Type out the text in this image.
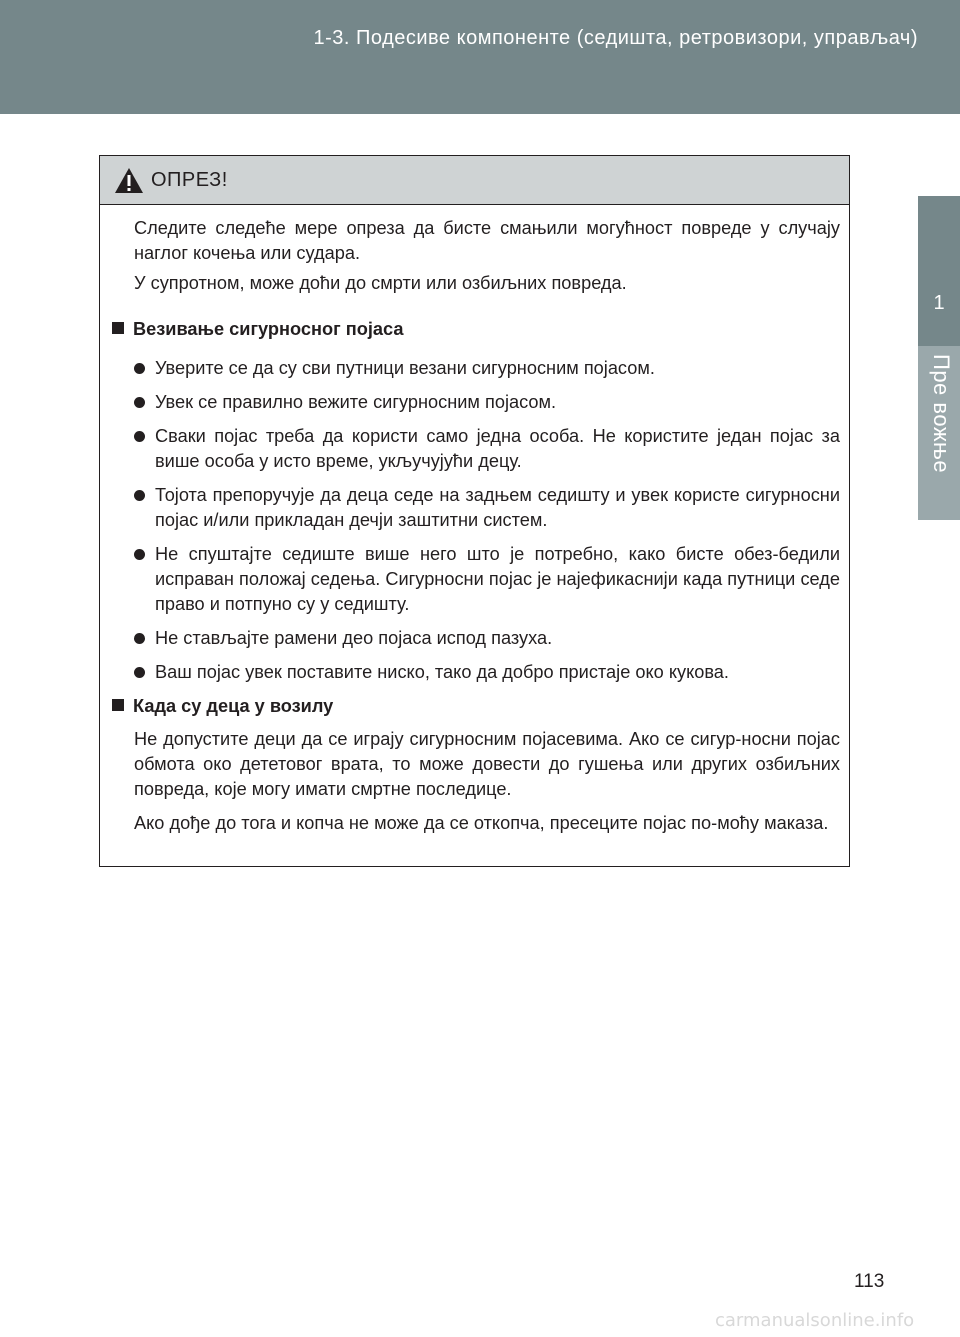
1-3. Подесиве компоненте (седишта, ретровизори, управљач)
1
Пре вожње
ОПРЕЗ!
Следите следеће мере опреза да бисте смањили могућност повреде у случају наглог кочења или судара.
У супротном, може доћи до смрти или озбиљних повреда.
Везивање сигурносног појаса
Уверите се да су сви путници везани сигурносним појасом.
Увек се правилно вежите сигурносним појасом.
Сваки појас треба да користи само једна особа. Не користите један појас за више особа у исто време, укључујући децу.
Тојота препоручује да деца седе на задњем седишту и увек користе сигурносни појас и/или прикладан дечји заштитни систем.
Не спуштајте седиште више него што је потребно, како бисте обез-бедили исправан положај седења. Сигурносни појас је најефикаснији када путници седе право и потпуно су у седишту.
Не стављајте рамени део појаса испод пазуха.
Ваш појас увек поставите ниско, тако да добро пристаје око кукова.
Када су деца у возилу
Не допустите деци да се играју сигурносним појасевима. Ако се сигур-носни појас обмота око дететовог врата, то може довести до гушења или других озбиљних повреда, које могу имати смртне последице.
Ако дође до тога и копча не може да се откопча, пресеците појас по-моћу маказа.
113
carmanualsonline.info
